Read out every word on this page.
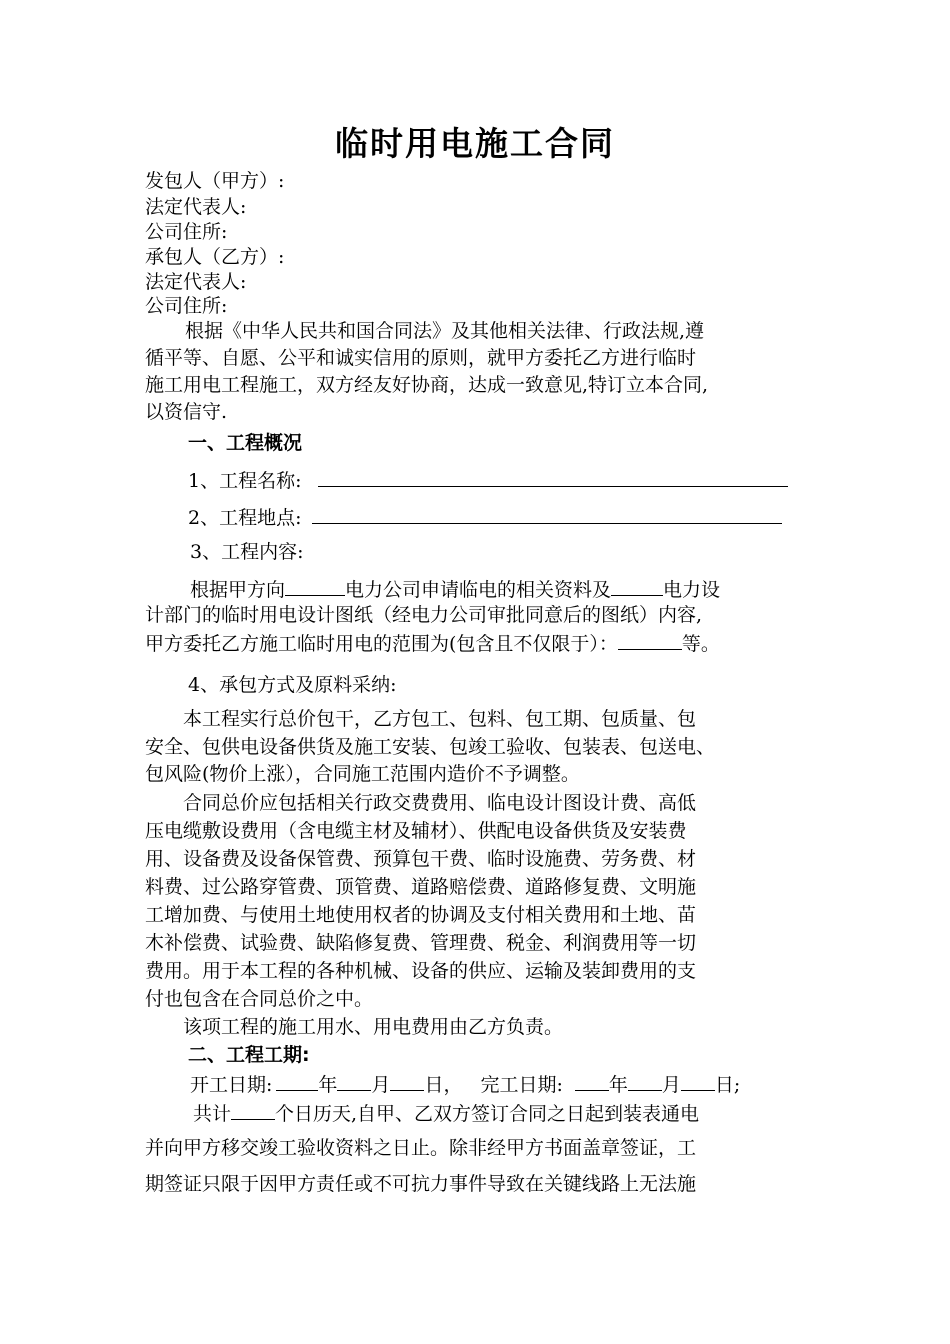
临时用电施工合同
发包人（甲方）:
法定代表人:
公司住所:
承包人（乙方）:
法定代表人:
公司住所:
根据《中华人民共和国合同法》及其他相关法律、行政法规,遵
循平等、自愿、公平和诚实信用的原则，就甲方委托乙方进行临时
施工用电工程施工，双方经友好协商，达成一致意见,特订立本合同,
以资信守.
一、工程概况
1、工程名称:
2、工程地点:
3、工程内容:
根据甲方向	电力公司申请临电的相关资料及	电力设
计部门的临时用电设计图纸（经电力公司审批同意后的图纸）内容,
甲方委托乙方施工临时用电的范围为(包含且不仅限于）：	等。
4、承包方式及原料采纳:
本工程实行总价包干，乙方包工、包料、包工期、包质量、包
安全、包供电设备供货及施工安装、包竣工验收、包装表、包送电、
包风险(物价上涨），合同施工范围内造价不予调整。
合同总价应包括相关行政交费费用、临电设计图设计费、高低
压电缆敷设费用（含电缆主材及辅材）、供配电设备供货及安装费
用、设备费及设备保管费、预算包干费、临时设施费、劳务费、材
料费、过公路穿管费、顶管费、道路赔偿费、道路修复费、文明施
工增加费、与使用土地使用权者的协调及支付相关费用和土地、苗
木补偿费、试验费、缺陷修复费、管理费、税金、利润费用等一切
费用。用于本工程的各种机械、设备的供应、运输及装卸费用的支
付也包含在合同总价之中。
该项工程的施工用水、用电费用由乙方负责。
二、工程工期:
开工日期: 年 月 日， 完工日期: 年 月 日;
共计 个日历天,自甲、乙双方签订合同之日起到装表通电
并向甲方移交竣工验收资料之日止。除非经甲方书面盖章签证，工
期签证只限于因甲方责任或不可抗力事件导致在关键线路上无法施
